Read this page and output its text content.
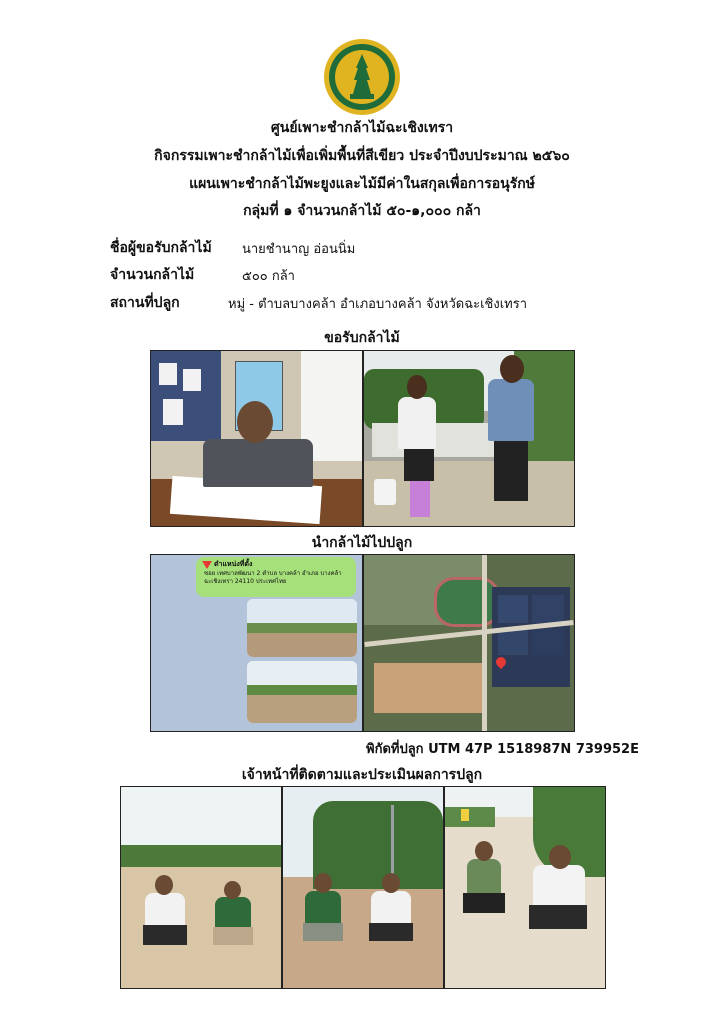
ศูนย์เพาะชำกล้าไม้ฉะเชิงเทรา
กิจกรรมเพาะชำกล้าไม้เพื่อเพิ่มพื้นที่สีเขียว ประจำปีงบประมาณ ๒๕๖๐
แผนเพาะชำกล้าไม้พะยูงและไม้มีค่าในสกุลเพื่อการอนุรักษ์
กลุ่มที่ ๑ จำนวนกล้าไม้ ๕๐-๑,๐๐๐ กล้า
ชื่อผู้ขอรับกล้าไม้ นายชำนาญ อ่อนนิ่ม
จำนวนกล้าไม้	๕๐๐ กล้า
สถานที่ปลูก	หมู่ - ตำบลบางคล้า อำเภอบางคล้า จังหวัดฉะเชิงเทรา
ขอรับกล้าไม้
นำกล้าไม้ไปปลูก
ตำแหน่งที่ตั้ง
ซอย เทศบาลพัฒนา 2 ตำบล บางคล้า อำเภอ บางคล้า ฉะเชิงเทรา 24110 ประเทศไทย
พิกัดที่ปลูก UTM 47P 1518987N 739952E
เจ้าหน้าที่ติดตามและประเมินผลการปลูก
